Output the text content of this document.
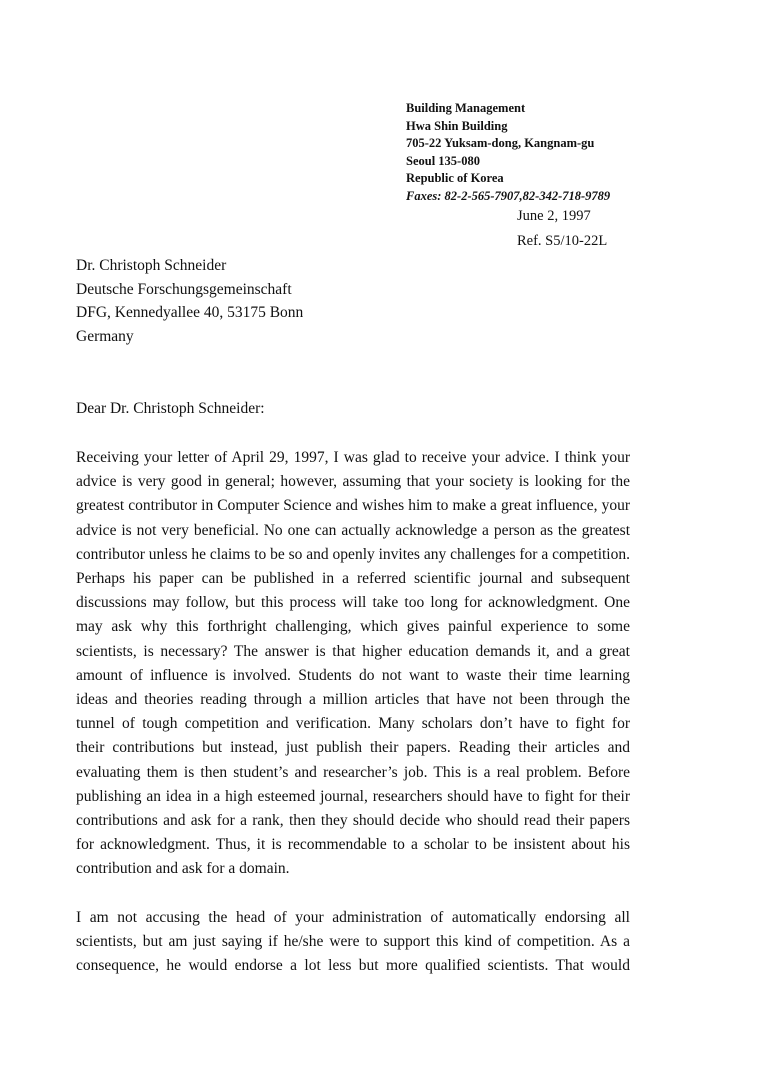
Building Management
Hwa Shin Building
705-22 Yuksam-dong, Kangnam-gu
Seoul 135-080
Republic of Korea
Faxes: 82-2-565-7907,82-342-718-9789
June 2, 1997
Ref. S5/10-22L
Dr. Christoph Schneider
Deutsche Forschungsgemeinschaft
DFG, Kennedyallee 40, 53175 Bonn
Germany
Dear Dr. Christoph Schneider:
Receiving your letter of April 29, 1997, I was glad to receive your advice. I think your
advice is very good in general; however, assuming that your society is looking for the
greatest contributor in Computer Science and wishes him to make a great influence, your
advice is not very beneficial. No one can actually acknowledge a person as the greatest
contributor unless he claims to be so and openly invites any challenges for a competition.
Perhaps his paper can be published in a referred scientific journal and subsequent
discussions may follow, but this process will take too long for acknowledgment. One
may ask why this forthright challenging, which gives painful experience to some
scientists, is necessary? The answer is that higher education demands it, and a great
amount of influence is involved. Students do not want to waste their time learning
ideas and theories reading through a million articles that have not been through the
tunnel of tough competition and verification. Many scholars don’t have to fight for
their contributions but instead, just publish their papers. Reading their articles and
evaluating them is then student’s and researcher’s job. This is a real problem. Before
publishing an idea in a high esteemed journal, researchers should have to fight for their
contributions and ask for a rank, then they should decide who should read their papers
for acknowledgment. Thus, it is recommendable to a scholar to be insistent about his
contribution and ask for a domain.
I am not accusing the head of your administration of automatically endorsing all
scientists, but am just saying if he/she were to support this kind of competition. As a
consequence, he would endorse a lot less but more qualified scientists. That would
